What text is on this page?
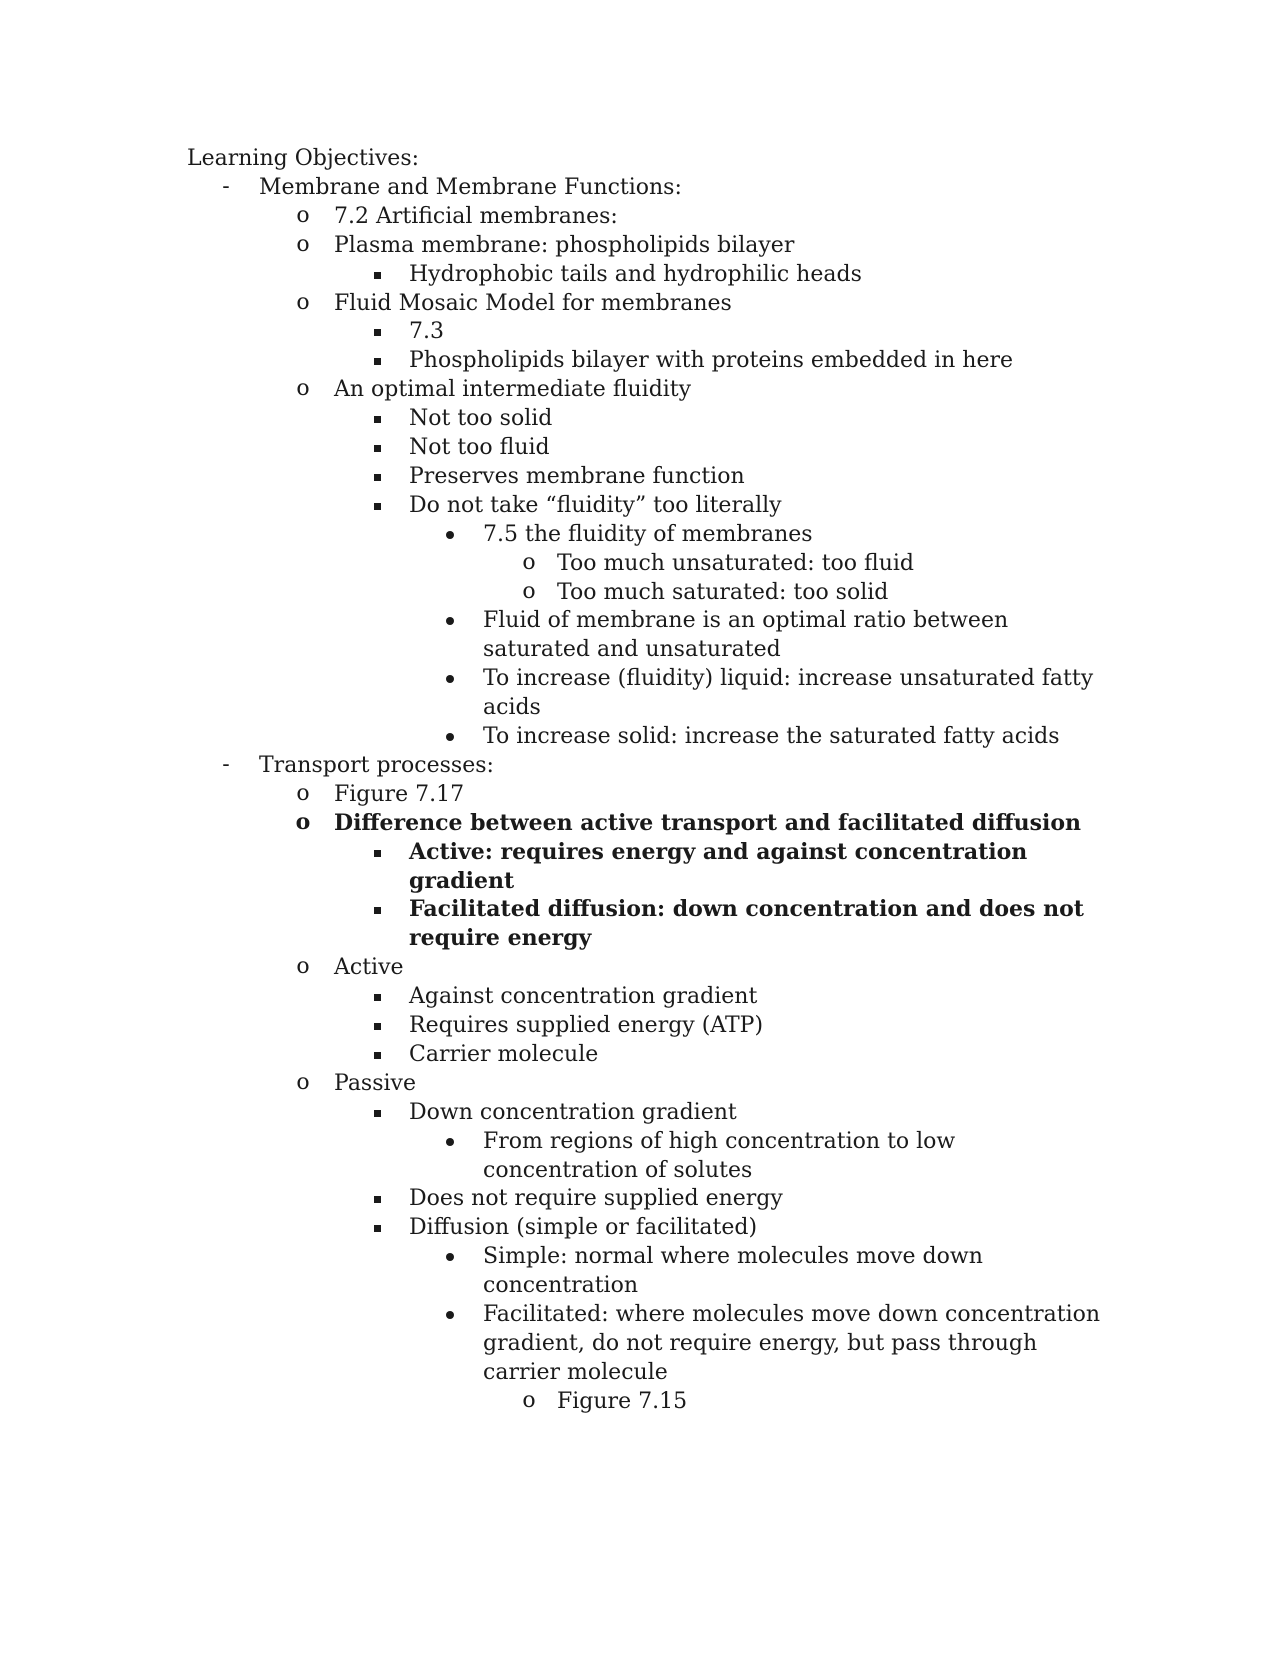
Learning Objectives:
Membrane and Membrane Functions:
-
7.2 Artificial membranes:
o
Plasma membrane: phospholipids bilayer
o
Hydrophobic tails and hydrophilic heads
Fluid Mosaic Model for membranes
o
7.3
Phospholipids bilayer with proteins embedded in here
An optimal intermediate fluidity
o
Not too solid
Not too fluid
Preserves membrane function
Do not take “fluidity” too literally
7.5 the fluidity of membranes
Too much unsaturated: too fluid
o
Too much saturated: too solid
o
Fluid of membrane is an optimal ratio between
saturated and unsaturated
To increase (fluidity) liquid: increase unsaturated fatty
acids
To increase solid: increase the saturated fatty acids
Transport processes:
-
Figure 7.17
o
Difference between active transport and facilitated diffusion
o
Active: requires energy and against concentration
gradient
Facilitated diffusion: down concentration and does not
require energy
Active
o
Against concentration gradient
Requires supplied energy (ATP)
Carrier molecule
Passive
o
Down concentration gradient
From regions of high concentration to low
concentration of solutes
Does not require supplied energy
Diffusion (simple or facilitated)
Simple: normal where molecules move down
concentration
Facilitated: where molecules move down concentration
gradient, do not require energy, but pass through
carrier molecule
Figure 7.15
o
